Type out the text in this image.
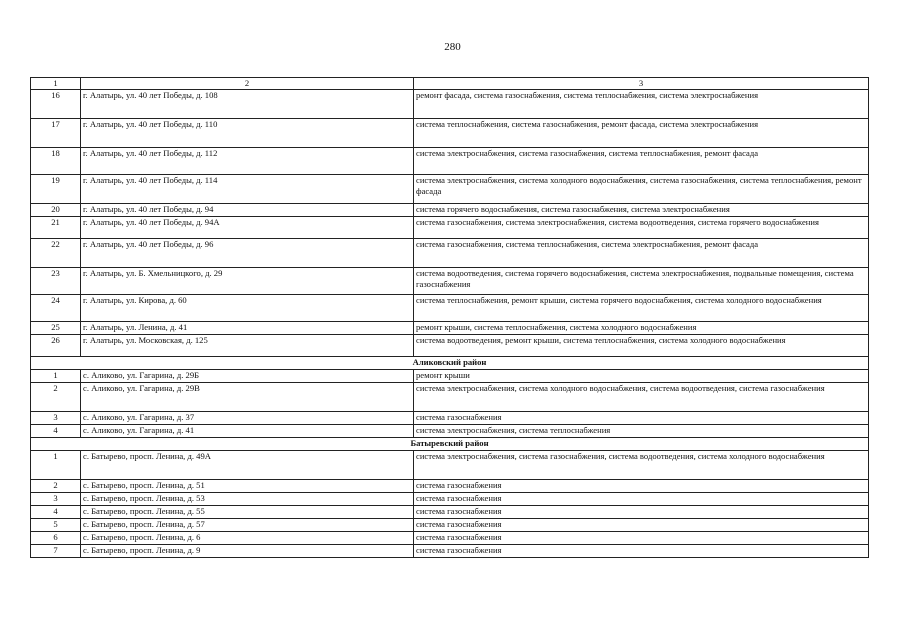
280
1	2	3
16	г. Алатырь, ул. 40 лет Победы, д. 108	ремонт фасада, система газоснабжения, система теплоснабжения, система электроснабжения
17	г. Алатырь, ул. 40 лет Победы, д. 110	система теплоснабжения, система газоснабжения, ремонт фасада, система электроснабжения
18	г. Алатырь, ул. 40 лет Победы, д. 112	система электроснабжения, система газоснабжения, система теплоснабжения, ремонт фасада
19	г. Алатырь, ул. 40 лет Победы, д. 114	система электроснабжения, система холодного водоснабжения, система газоснабжения, система теплоснабжения, ремонт фасада
20	г. Алатырь, ул. 40 лет Победы, д. 94	система горячего водоснабжения, система газоснабжения, система электроснабжения
21	г. Алатырь, ул. 40 лет Победы, д. 94А	система газоснабжения, система электроснабжения, система водоотведения, система горячего водоснабжения
22	г. Алатырь, ул. 40 лет Победы, д. 96	система газоснабжения, система теплоснабжения, система электроснабжения, ремонт фасада
23	г. Алатырь, ул. Б. Хмельницкого, д. 29	система водоотведения, система горячего водоснабжения, система электроснабжения, подвальные помещения, система газоснабжения
24	г. Алатырь, ул. Кирова, д. 60	система теплоснабжения, ремонт крыши, система горячего водоснабжения, система холодного водоснабжения
25	г. Алатырь, ул. Ленина, д. 41	ремонт крыши, система теплоснабжения, система холодного водоснабжения
26	г. Алатырь, ул. Московская, д. 125	система водоотведения, ремонт крыши, система теплоснабжения, система холодного водоснабжения
Аликовский район		
1	с. Аликово, ул. Гагарина, д. 29Б	ремонт крыши
2	с. Аликово, ул. Гагарина, д. 29В	система электроснабжения, система холодного водоснабжения, система водоотведения, система газоснабжения
3	с. Аликово, ул. Гагарина, д. 37	система газоснабжения
4	с. Аликово, ул. Гагарина, д. 41	система электроснабжения, система теплоснабжения
Батыревский район		
1	с. Батырево, просп. Ленина, д. 49А	система электроснабжения, система газоснабжения, система водоотведения, система холодного водоснабжения
2	с. Батырево, просп. Ленина, д. 51	система газоснабжения
3	с. Батырево, просп. Ленина, д. 53	система газоснабжения
4	с. Батырево, просп. Ленина, д. 55	система газоснабжения
5	с. Батырево, просп. Ленина, д. 57	система газоснабжения
6	с. Батырево, просп. Ленина, д. 6	система газоснабжения
7	с. Батырево, просп. Ленина, д. 9	система газоснабжения
